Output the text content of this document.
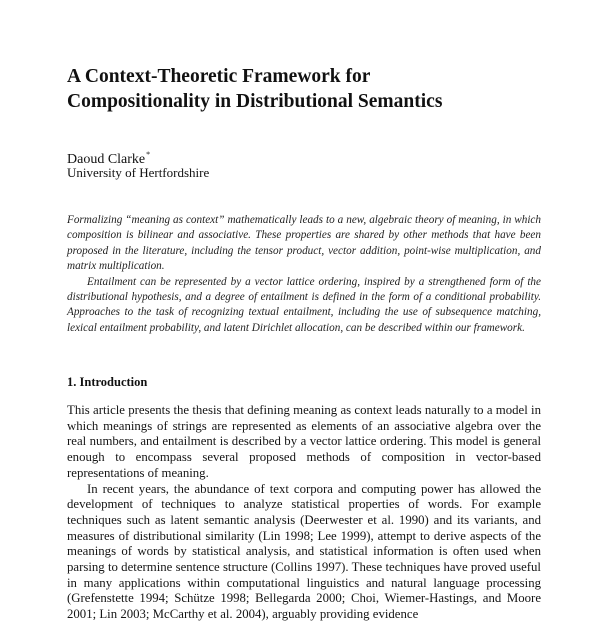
A Context-Theoretic Framework for
Compositionality in Distributional Semantics
Daoud Clarke*
University of Hertfordshire

Formalizing “meaning as context” mathematically leads to a new, algebraic theory of meaning, in which composition is bilinear and associative. These properties are shared by other methods that have been proposed in the literature, including the tensor product, vector addition, point-wise multiplication, and matrix multiplication.

Entailment can be represented by a vector lattice ordering, inspired by a strengthened form of the distributional hypothesis, and a degree of entailment is defined in the form of a conditional probability. Approaches to the task of recognizing textual entailment, including the use of subsequence matching, lexical entailment probability, and latent Dirichlet allocation, can be described within our framework.

1. Introduction

This article presents the thesis that defining meaning as context leads naturally to a model in which meanings of strings are represented as elements of an associative algebra over the real numbers, and entailment is described by a vector lattice ordering. This model is general enough to encompass several proposed methods of composition in vector-based representations of meaning.

In recent years, the abundance of text corpora and computing power has allowed the development of techniques to analyze statistical properties of words. For example techniques such as latent semantic analysis (Deerwester et al. 1990) and its variants, and measures of distributional similarity (Lin 1998; Lee 1999), attempt to derive aspects of the meanings of words by statistical analysis, and statistical information is often used when parsing to determine sentence structure (Collins 1997). These techniques have proved useful in many applications within computational linguistics and natural language processing (Grefenstette 1994; Schütze 1998; Bellegarda 2000; Choi, Wiemer-Hastings, and Moore 2001; Lin 2003; McCarthy et al. 2004), arguably providing evidence
